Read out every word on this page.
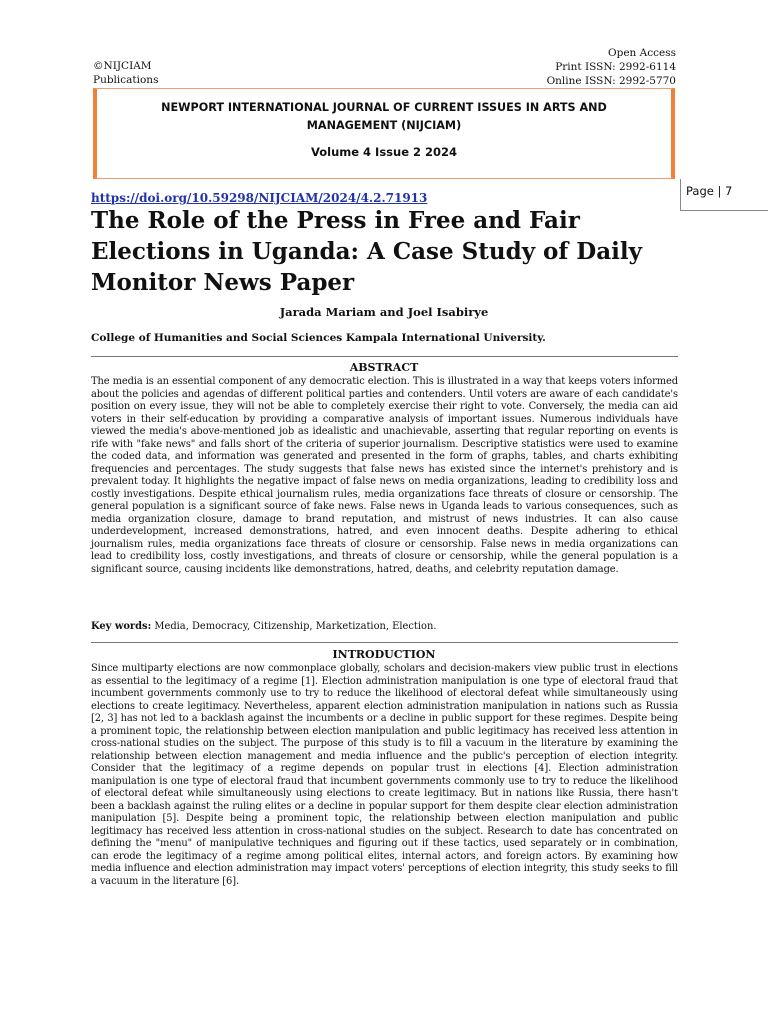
©NIJCIAM
Publications
Open Access
Print ISSN: 2992-6114
Online ISSN: 2992-5770
NEWPORT INTERNATIONAL JOURNAL OF CURRENT ISSUES IN ARTS AND MANAGEMENT (NIJCIAM)
Volume 4 Issue 2 2024
Page | 7
https://doi.org/10.59298/NIJCIAM/2024/4.2.71913
The Role of the Press in Free and Fair Elections in Uganda: A Case Study of Daily Monitor News Paper
Jarada Mariam and Joel Isabirye
College of Humanities and Social Sciences Kampala International University.
ABSTRACT

The media is an essential component of any democratic election. This is illustrated in a way that keeps voters informed about the policies and agendas of different political parties and contenders. Until voters are aware of each candidate's position on every issue, they will not be able to completely exercise their right to vote. Conversely, the media can aid voters in their self-education by providing a comparative analysis of important issues. Numerous individuals have viewed the media's above-mentioned job as idealistic and unachievable, asserting that regular reporting on events is rife with "fake news" and falls short of the criteria of superior journalism. Descriptive statistics were used to examine the coded data, and information was generated and presented in the form of graphs, tables, and charts exhibiting frequencies and percentages. The study suggests that false news has existed since the internet's prehistory and is prevalent today. It highlights the negative impact of false news on media organizations, leading to credibility loss and costly investigations. Despite ethical journalism rules, media organizations face threats of closure or censorship. The general population is a significant source of fake news. False news in Uganda leads to various consequences, such as media organization closure, damage to brand reputation, and mistrust of news industries. It can also cause underdevelopment, increased demonstrations, hatred, and even innocent deaths. Despite adhering to ethical journalism rules, media organizations face threats of closure or censorship. False news in media organizations can lead to credibility loss, costly investigations, and threats of closure or censorship, while the general population is a significant source, causing incidents like demonstrations, hatred, deaths, and celebrity reputation damage.

Key words: Media, Democracy, Citizenship, Marketization, Election.
INTRODUCTION

Since multiparty elections are now commonplace globally, scholars and decision-makers view public trust in elections as essential to the legitimacy of a regime [1]. Election administration manipulation is one type of electoral fraud that incumbent governments commonly use to try to reduce the likelihood of electoral defeat while simultaneously using elections to create legitimacy. Nevertheless, apparent election administration manipulation in nations such as Russia [2, 3] has not led to a backlash against the incumbents or a decline in public support for these regimes. Despite being a prominent topic, the relationship between election manipulation and public legitimacy has received less attention in cross-national studies on the subject. The purpose of this study is to fill a vacuum in the literature by examining the relationship between election management and media influence and the public's perception of election integrity. Consider that the legitimacy of a regime depends on popular trust in elections [4]. Election administration manipulation is one type of electoral fraud that incumbent governments commonly use to try to reduce the likelihood of electoral defeat while simultaneously using elections to create legitimacy. But in nations like Russia, there hasn't been a backlash against the ruling elites or a decline in popular support for them despite clear election administration manipulation [5]. Despite being a prominent topic, the relationship between election manipulation and public legitimacy has received less attention in cross-national studies on the subject. Research to date has concentrated on defining the "menu" of manipulative techniques and figuring out if these tactics, used separately or in combination, can erode the legitimacy of a regime among political elites, internal actors, and foreign actors. By examining how media influence and election administration may impact voters' perceptions of election integrity, this study seeks to fill a vacuum in the literature [6].
